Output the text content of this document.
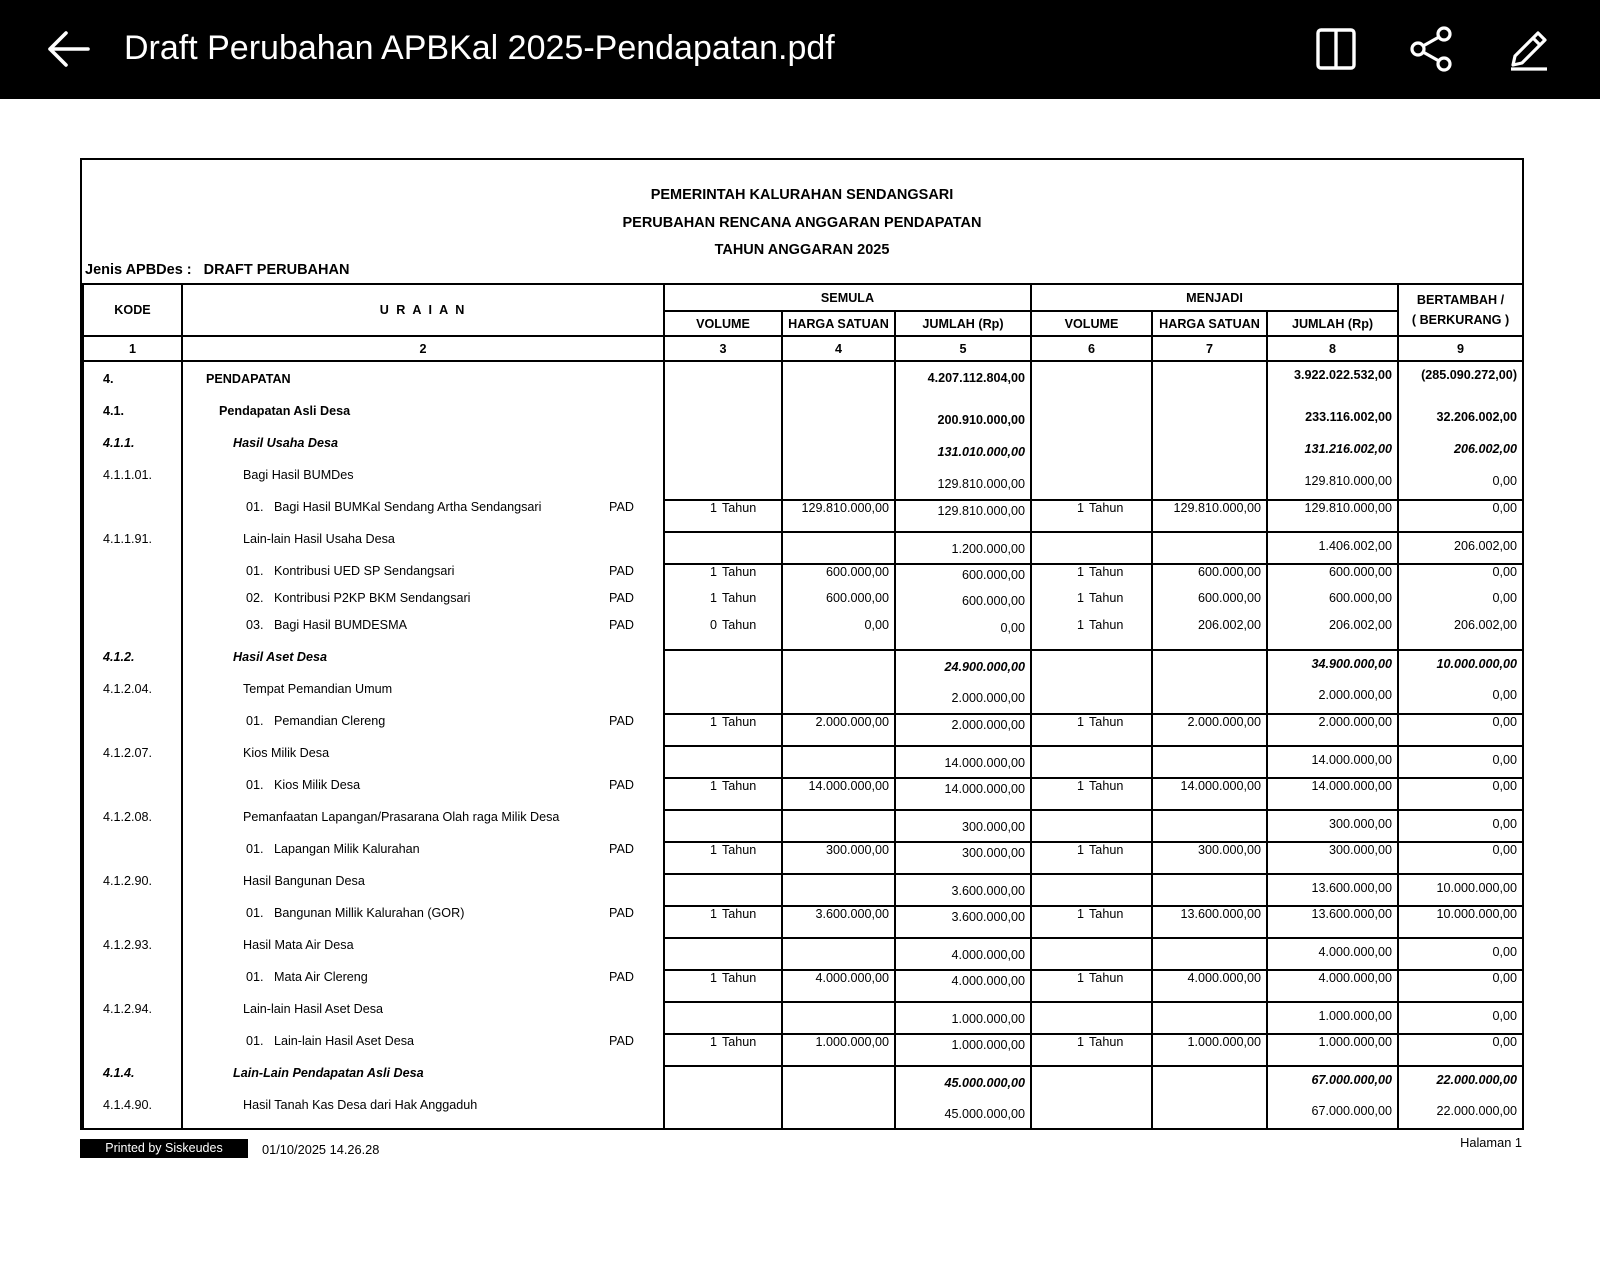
Draft Perubahan APBKal 2025-Pendapatan.pdf
PEMERINTAH KALURAHAN SENDANGSARI
PERUBAHAN RENCANA ANGGARAN PENDAPATAN
TAHUN ANGGARAN 2025
Jenis APBDes : DRAFT PERUBAHAN
KODE	U R A I A N	SEMULA			MENJADI			BERTAMBAH /
( BERKURANG )

		VOLUME	HARGA SATUAN	JUMLAH (Rp)	VOLUME	HARGA SATUAN	JUMLAH (Rp)	
1	2	3	4	5	6	7	8	9
4.	PENDAPATAN			4.207.112.804,00			3.922.022.532,00	(285.090.272,00)
4.1.	Pendapatan Asli Desa			200.910.000,00			233.116.002,00	32.206.002,00
4.1.1.	Hasil Usaha Desa			131.010.000,00			131.216.002,00	206.002,00
4.1.1.01.	Bagi Hasil BUMDes			129.810.000,00			129.810.000,00	0,00

	01. Bagi Hasil BUMKal Sendang Artha Sendangsari PAD	1 Tahun	129.810.000,00	129.810.000,00	1 Tahun	129.810.000,00	129.810.000,00	0,00
4.1.1.91.	Lain-lain Hasil Usaha Desa			1.200.000,00			1.406.002,00	206.002,00

	01. Kontribusi UED SP Sendangsari PAD	1 Tahun	600.000,00	600.000,00	1 Tahun	600.000,00	600.000,00	0,00

	02. Kontribusi P2KP BKM Sendangsari PAD	1 Tahun	600.000,00	600.000,00	1 Tahun	600.000,00	600.000,00	0,00

	03. Bagi Hasil BUMDESMA PAD	0 Tahun	0,00	0,00	1 Tahun	206.002,00	206.002,00	206.002,00
4.1.2.	Hasil Aset Desa			24.900.000,00			34.900.000,00	10.000.000,00
4.1.2.04.	Tempat Pemandian Umum			2.000.000,00			2.000.000,00	0,00

	01. Pemandian Clereng PAD	1 Tahun	2.000.000,00	2.000.000,00	1 Tahun	2.000.000,00	2.000.000,00	0,00
4.1.2.07.	Kios Milik Desa			14.000.000,00			14.000.000,00	0,00

	01. Kios Milik Desa PAD	1 Tahun	14.000.000,00	14.000.000,00	1 Tahun	14.000.000,00	14.000.000,00	0,00
4.1.2.08.	Pemanfaatan Lapangan/Prasarana Olah raga Milik Desa			300.000,00			300.000,00	0,00

	01. Lapangan Milik Kalurahan PAD	1 Tahun	300.000,00	300.000,00	1 Tahun	300.000,00	300.000,00	0,00
4.1.2.90.	Hasil Bangunan Desa			3.600.000,00			13.600.000,00	10.000.000,00

	01. Bangunan Millik Kalurahan (GOR) PAD	1 Tahun	3.600.000,00	3.600.000,00	1 Tahun	13.600.000,00	13.600.000,00	10.000.000,00
4.1.2.93.	Hasil Mata Air Desa			4.000.000,00			4.000.000,00	0,00

	01. Mata Air Clereng PAD	1 Tahun	4.000.000,00	4.000.000,00	1 Tahun	4.000.000,00	4.000.000,00	0,00
4.1.2.94.	Lain-lain Hasil Aset Desa			1.000.000,00			1.000.000,00	0,00

	01. Lain-lain Hasil Aset Desa PAD	1 Tahun	1.000.000,00	1.000.000,00	1 Tahun	1.000.000,00	1.000.000,00	0,00
4.1.4.	Lain-Lain Pendapatan Asli Desa			45.000.000,00			67.000.000,00	22.000.000,00
4.1.4.90.	Hasil Tanah Kas Desa dari Hak Anggaduh			45.000.000,00			67.000.000,00	22.000.000,00
Printed by Siskeudes	01/10/2025 14.26.28	Halaman 1
